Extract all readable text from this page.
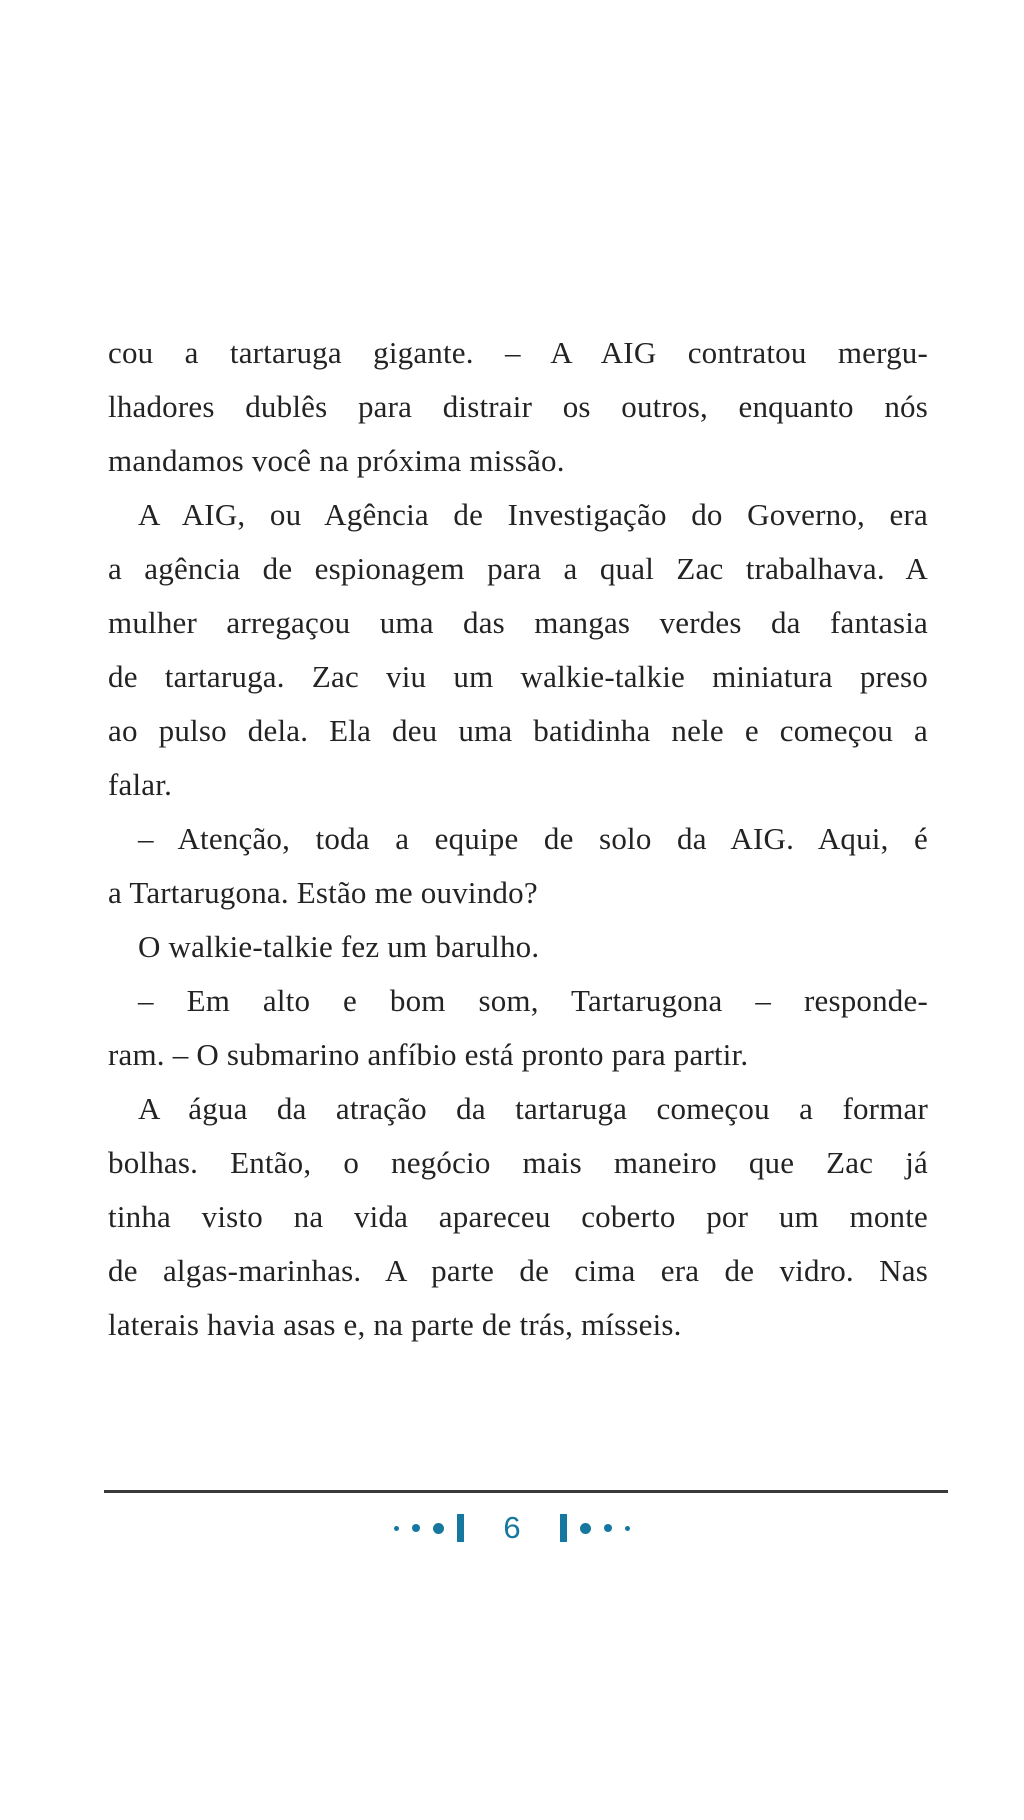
cou a tartaruga gigante. – A AIG contratou mergu-
lhadores dublês para distrair os outros, enquanto nós
mandamos você na próxima missão.
A AIG, ou Agência de Investigação do Governo, era
a agência de espionagem para a qual Zac trabalhava. A
mulher arregaçou uma das mangas verdes da fantasia
de tartaruga. Zac viu um walkie-talkie miniatura preso
ao pulso dela. Ela deu uma batidinha nele e começou a
falar.
– Atenção, toda a equipe de solo da AIG. Aqui, é
a Tartarugona. Estão me ouvindo?
O walkie-talkie fez um barulho.
– Em alto e bom som, Tartarugona – responde-
ram. – O submarino anfíbio está pronto para partir.
A água da atração da tartaruga começou a formar
bolhas. Então, o negócio mais maneiro que Zac já
tinha visto na vida apareceu coberto por um monte
de algas-marinhas. A parte de cima era de vidro. Nas
laterais havia asas e, na parte de trás, mísseis.
6
